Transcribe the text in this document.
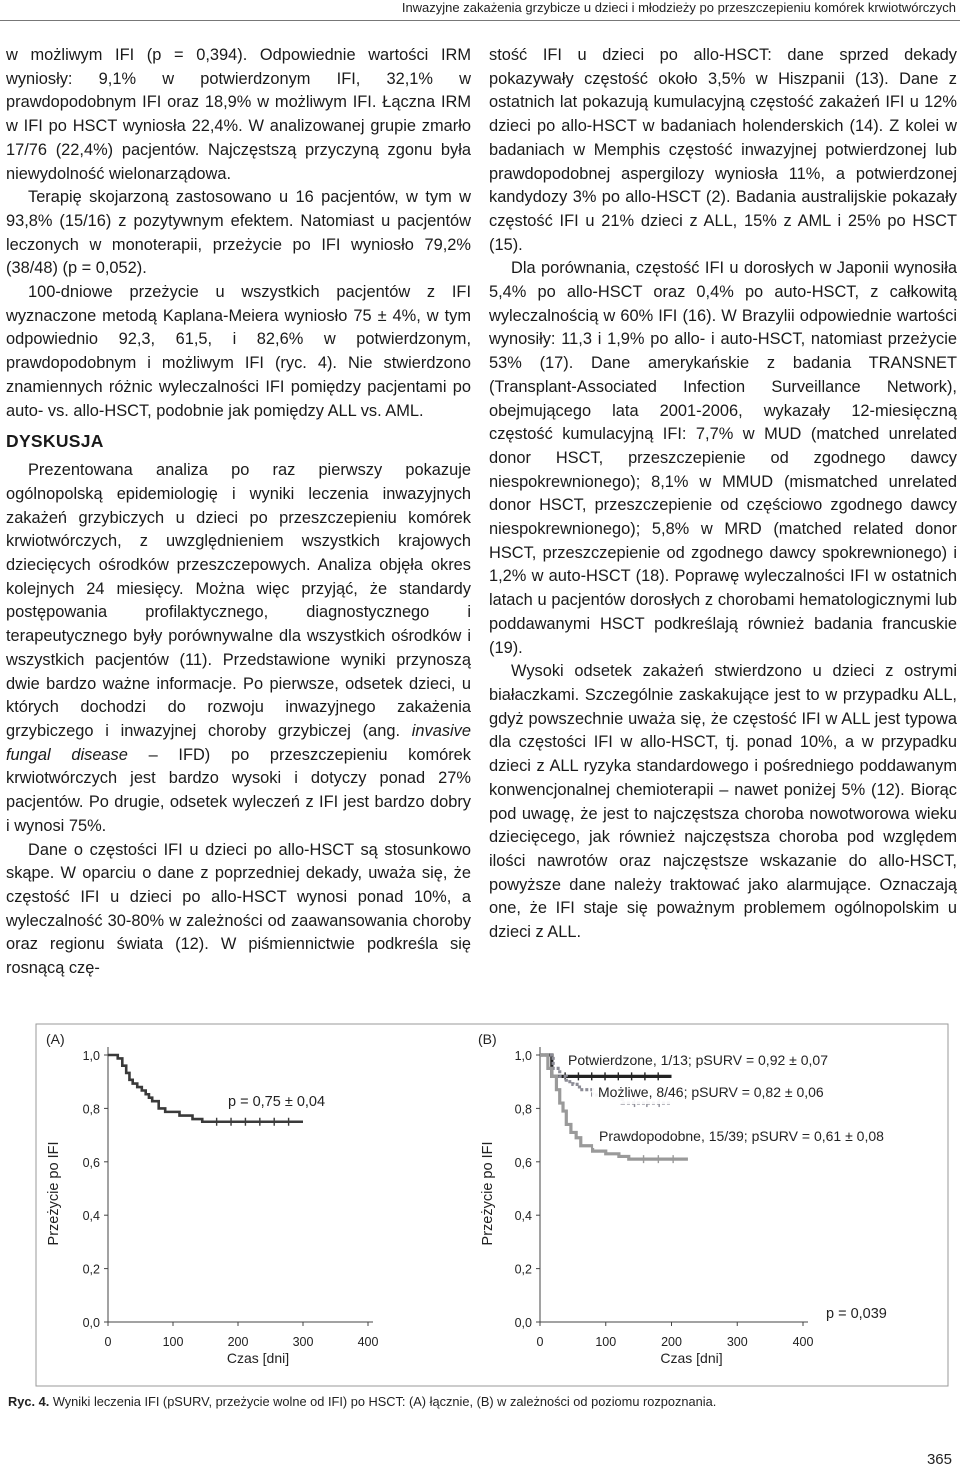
Inwazyjne zakażenia grzybicze u dzieci i młodzieży po przeszczepieniu komórek krwiotwórczych

w możliwym IFI (p = 0,394). Odpowiednie wartości IRM wyniosły: 9,1% w potwierdzonym IFI, 32,1% w prawdopodobnym IFI oraz 18,9% w możliwym IFI. Łączna IRM w IFI po HSCT wyniosła 22,4%. W analizowanej grupie zmarło 17/76 (22,4%) pacjentów. Najczęstszą przyczyną zgonu była niewydolność wielonarządowa.

Terapię skojarzoną zastosowano u 16 pacjentów, w tym w 93,8% (15/16) z pozytywnym efektem. Natomiast u pacjentów leczonych w monoterapii, przeżycie po IFI wyniosło 79,2% (38/48) (p = 0,052).

100-dniowe przeżycie u wszystkich pacjentów z IFI wyznaczone metodą Kaplana-Meiera wyniosło 75 ± 4%, w tym odpowiednio 92,3, 61,5, i 82,6% w potwierdzonym, prawdopodobnym i możliwym IFI (ryc. 4). Nie stwierdzono znamiennych różnic wyleczalności IFI pomiędzy pacjentami po auto- vs. allo-HSCT, podobnie jak pomiędzy ALL vs. AML.

DYSKUSJA

Prezentowana analiza po raz pierwszy pokazuje ogólnopolską epidemiologię i wyniki leczenia inwazyjnych zakażeń grzybiczych u dzieci po przeszczepieniu komórek krwiotwórczych, z uwzględnieniem wszystkich krajowych dziecięcych ośrodków przeszczepowych. Analiza objęła okres kolejnych 24 miesięcy. Można więc przyjąć, że standardy postępowania profilaktycznego, diagnostycznego i terapeutycznego były porównywalne dla wszystkich ośrodków i wszystkich pacjentów (11). Przedstawione wyniki przynoszą dwie bardzo ważne informacje. Po pierwsze, odsetek dzieci, u których dochodzi do rozwoju inwazyjnego zakażenia grzybiczego i inwazyjnej choroby grzybiczej (ang. invasive fungal disease – IFD) po przeszczepieniu komórek krwiotwórczych jest bardzo wysoki i dotyczy ponad 27% pacjentów. Po drugie, odsetek wyleczeń z IFI jest bardzo dobry i wynosi 75%.

Dane o częstości IFI u dzieci po allo-HSCT są stosunkowo skąpe. W oparciu o dane z poprzedniej dekady, uważa się, że częstość IFI u dzieci po allo-HSCT wynosi ponad 10%, a wyleczalność 30-80% w zależności od zaawansowania choroby oraz regionu świata (12). W piśmiennictwie podkreśla się rosnącą czę-

stość IFI u dzieci po allo-HSCT: dane sprzed dekady pokazywały częstość około 3,5% w Hiszpanii (13). Dane z ostatnich lat pokazują kumulacyjną częstość zakażeń IFI u 12% dzieci po allo-HSCT w badaniach holenderskich (14). Z kolei w badaniach w Memphis częstość inwazyjnej potwierdzonej lub prawdopodobnej aspergilozy wyniosła 11%, a potwierdzonej kandydozy 3% po allo-HSCT (2). Badania australijskie pokazały częstość IFI u 21% dzieci z ALL, 15% z AML i 25% po HSCT (15).

Dla porównania, częstość IFI u dorosłych w Japonii wynosiła 5,4% po allo-HSCT oraz 0,4% po auto-HSCT, z całkowitą wyleczalnością w 60% IFI (16). W Brazylii odpowiednie wartości wynosiły: 11,3 i 1,9% po allo- i auto-HSCT, natomiast przeżycie 53% (17). Dane amerykańskie z badania TRANSNET (Transplant-Associated Infection Surveillance Network), obejmującego lata 2001-2006, wykazały 12-miesięczną częstość kumulacyjną IFI: 7,7% w MUD (matched unrelated donor HSCT, przeszczepienie od zgodnego dawcy niespokrewnionego); 8,1% w MMUD (mismatched unrelated donor HSCT, przeszczepienie od częściowo zgodnego dawcy niespokrewnionego); 5,8% w MRD (matched related donor HSCT, przeszczepienie od zgodnego dawcy spokrewnionego) i 1,2% w auto-HSCT (18). Poprawę wyleczalności IFI w ostatnich latach u pacjentów dorosłych z chorobami hematologicznymi lub poddawanymi HSCT podkreślają również badania francuskie (19).

Wysoki odsetek zakażeń stwierdzono u dzieci z ostrymi białaczkami. Szczególnie zaskakujące jest to w przypadku ALL, gdyż powszechnie uważa się, że częstość IFI w ALL jest typowa dla częstości IFI w allo-HSCT, tj. ponad 10%, a w przypadku dzieci z ALL ryzyka standardowego i pośredniego poddawanym konwencjonalnej chemioterapii – nawet poniżej 5% (12). Biorąc pod uwagę, że jest to najczęstsza choroba nowotworowa wieku dziecięcego, jak również najczęstsza choroba pod względem ilości nawrotów oraz najczęstsze wskazanie do allo-HSCT, powyższe dane należy traktować jako alarmujące. Oznaczają one, że IFI staje się poważnym problemem ogólnopolskim u dzieci z ALL.

(A)
0,0
0,2
0,4
0,6
0,8
1,0
0	100	200	300	400
Czas [dni]
Przeżycie po IFI
p = 0,75 ± 0,04
(B)
0,0
0,2
0,4
0,6
0,8
1,0
0	100	200	300	400
Czas [dni]
Przeżycie po IFI
p = 0,039
Potwierdzone, 1/13; pSURV = 0,92 ± 0,07
Możliwe, 8/46; pSURV = 0,82 ± 0,06
Prawdopodobne, 15/39; pSURV = 0,61 ± 0,08
Ryc. 4. Wyniki leczenia IFI (pSURV, przeżycie wolne od IFI) po HSCT: (A) łącznie, (B) w zależności od poziomu rozpoznania.
365
